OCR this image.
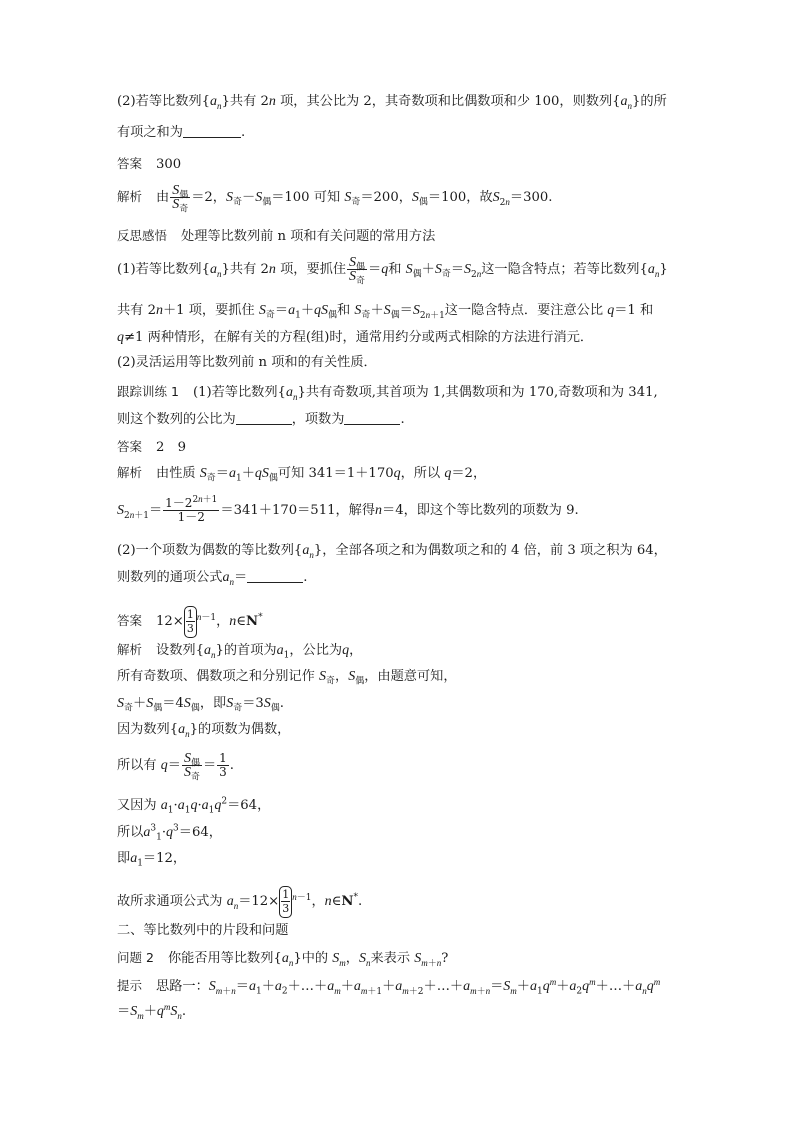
(2)若等比数列$\{a_n\}$共有 2n 项，其公比为 2，其奇数项和比偶数项和少 100，则数列$\{a_n\}$的所
有项之和为	.
答案 300
解析 由 $\frac{S_偶}{S_奇} =2$，$S_奇-S_偶=100$ 可知 $S_奇=200$，$S_偶=100$，故$S_{2n}=300$.
反思感悟 处理等比数列前 n 项和有关问题的常用方法
(1)若等比数列$\{a_n\}$共有 2n 项，要抓住 $\frac{S_偶}{S_奇} =q$和 $S_偶+S_奇=S_{2n}$这一隐含特点；若等比数列$\{a_n\}$
共有 2n＋1 项，要抓住 $S_奇=a_1+qS_偶$和 $S_奇+S_偶=S_{2n+1}$这一隐含特点．要注意公比 q＝1 和
q≠1 两种情形，在解有关的方程(组)时，通常用约分或两式相除的方法进行消元．
(2)灵活运用等比数列前 n 项和的有关性质．
跟踪训练 1 (1)若等比数列$\{a_n\}$共有奇数项,其首项为 1,其偶数项和为 170,奇数项和为 341,
则这个数列的公比为	，项数为	.
答案 2　9
解析 由性质 $S_奇=a_1+qS_偶$可知 341＝1＋170q，所以 q＝2，
$S_{2n+1}= \frac{1-2^{2n+1}}{1-2} =341+170=511$，解得n＝4，即这个等比数列的项数为 9.
(2)一个项数为偶数的等比数列$\{a_n\}$，全部各项之和为偶数项之和的 4 倍，前 3 项之积为 64，
则数列的通项公式$a_n=$	.
答案 $12\times \frac{1}{3} ^{n-1}$，n∈N*
解析 设数列$\{a_n\}$的首项为$a_1$，公比为q，
所有奇数项、偶数项之和分别记作 $S_奇$，$S_偶$，由题意可知，
$S_奇+S_偶=4S_偶$，即$S_奇=3S_偶$.
因为数列$\{a_n\}$的项数为偶数，
所以有 $q= \frac{S_偶}{S_奇} = \frac{1}{3}$ .
又因为 $a_1\cdot a_1q\cdot a_1q^2=64$，
所以$a^3_1\cdot q^3=64$，
即$a_1=12$，
故所求通项公式为 $a_n=12\times \frac{1}{3} ^{n-1}$，n∈N*.
二、等比数列中的片段和问题
问题 2 你能否用等比数列$\{a_n\}$中的 $S_m$，$S_n$来表示 $S_{m+n}$?
提示 思路一：$S_{m+n}=a_1+a_2+\dots+a_m+a_{m+1}+a_{m+2}+\dots+a_{m+n}=S_m+a_1q^m+a_2q^m+\dots+a_nq^m$
$=S_m+q^mS_n$.
